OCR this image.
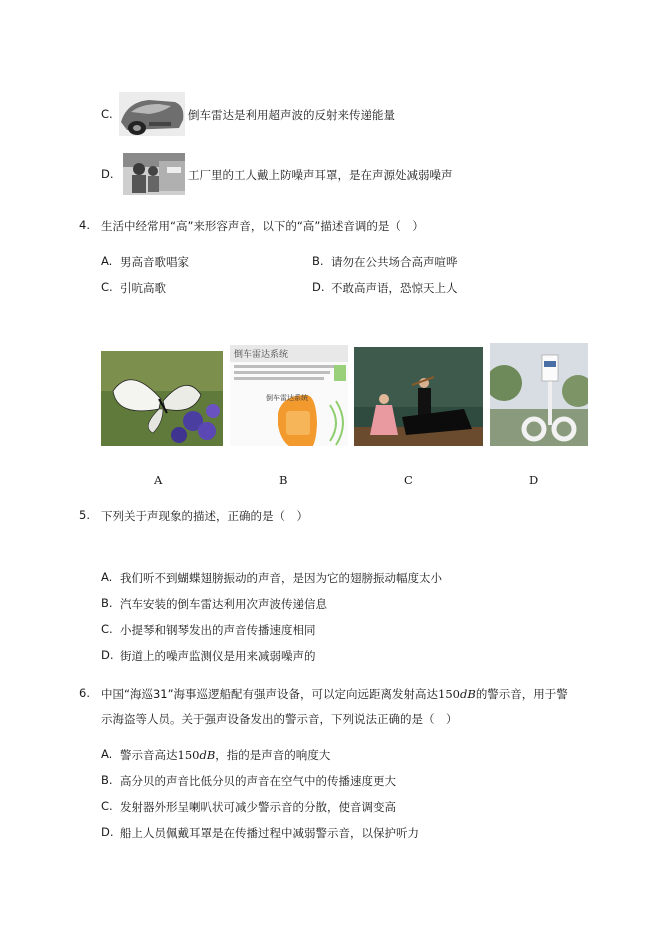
C.	倒车雷达是利用超声波的反射来传递能量
D.	工厂里的工人戴上防噪声耳罩，是在声源处减弱噪声
4. 生活中经常用“高”来形容声音，以下的“高”描述音调的是（　）
A. 男高音歌唱家	B. 请勿在公共场合高声喧哗
C. 引吭高歌	D. 不敢高声语，恐惊天上人
倒车雷达系统
倒车雷达系统
A	B	C	D
5. 下列关于声现象的描述，正确的是（　）
A. 我们听不到蝴蝶翅膀振动的声音，是因为它的翅膀振动幅度太小
B. 汽车安装的倒车雷达利用次声波传递信息
C. 小提琴和钢琴发出的声音传播速度相同
D. 街道上的噪声监测仪是用来减弱噪声的
6. 中国“海巡31”海事巡逻船配有强声设备，可以定向远距离发射高达150dB的警示音，用于警
示海盗等人员。关于强声设备发出的警示音，下列说法正确的是（　）
A. 警示音高达150dB，指的是声音的响度大
B. 高分贝的声音比低分贝的声音在空气中的传播速度更大
C. 发射器外形呈喇叭状可减少警示音的分散，使音调变高
D. 船上人员佩戴耳罩是在传播过程中减弱警示音，以保护听力
